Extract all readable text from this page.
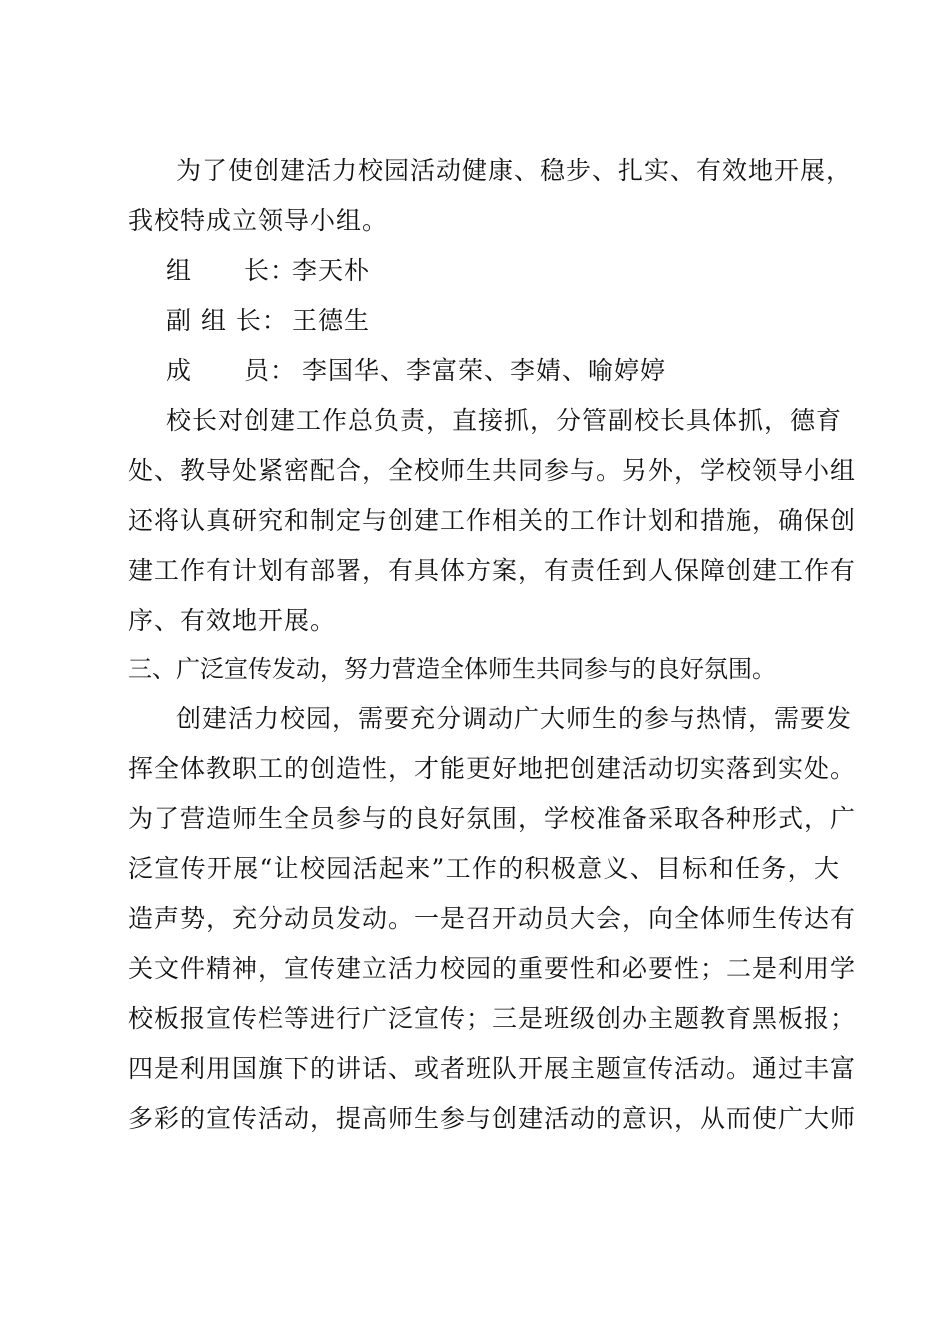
为了使创建活力校园活动健康、稳步、扎实、有效地开展，
我校特成立领导小组。
组　　长：李天朴
副 组 长： 王德生
成　　员： 李国华、李富荣、李婧、喻婷婷
校长对创建工作总负责，直接抓，分管副校长具体抓，德育
处、教导处紧密配合，全校师生共同参与。另外，学校领导小组
还将认真研究和制定与创建工作相关的工作计划和措施，确保创
建工作有计划有部署，有具体方案，有责任到人保障创建工作有
序、有效地开展。
三、广泛宣传发动，努力营造全体师生共同参与的良好氛围。
创建活力校园，需要充分调动广大师生的参与热情，需要发
挥全体教职工的创造性，才能更好地把创建活动切实落到实处。
为了营造师生全员参与的良好氛围，学校准备采取各种形式，广
泛宣传开展“让校园活起来”工作的积极意义、目标和任务，大
造声势，充分动员发动。一是召开动员大会，向全体师生传达有
关文件精神，宣传建立活力校园的重要性和必要性；二是利用学
校板报宣传栏等进行广泛宣传；三是班级创办主题教育黑板报；
四是利用国旗下的讲话、或者班队开展主题宣传活动。通过丰富
多彩的宣传活动，提高师生参与创建活动的意识，从而使广大师
